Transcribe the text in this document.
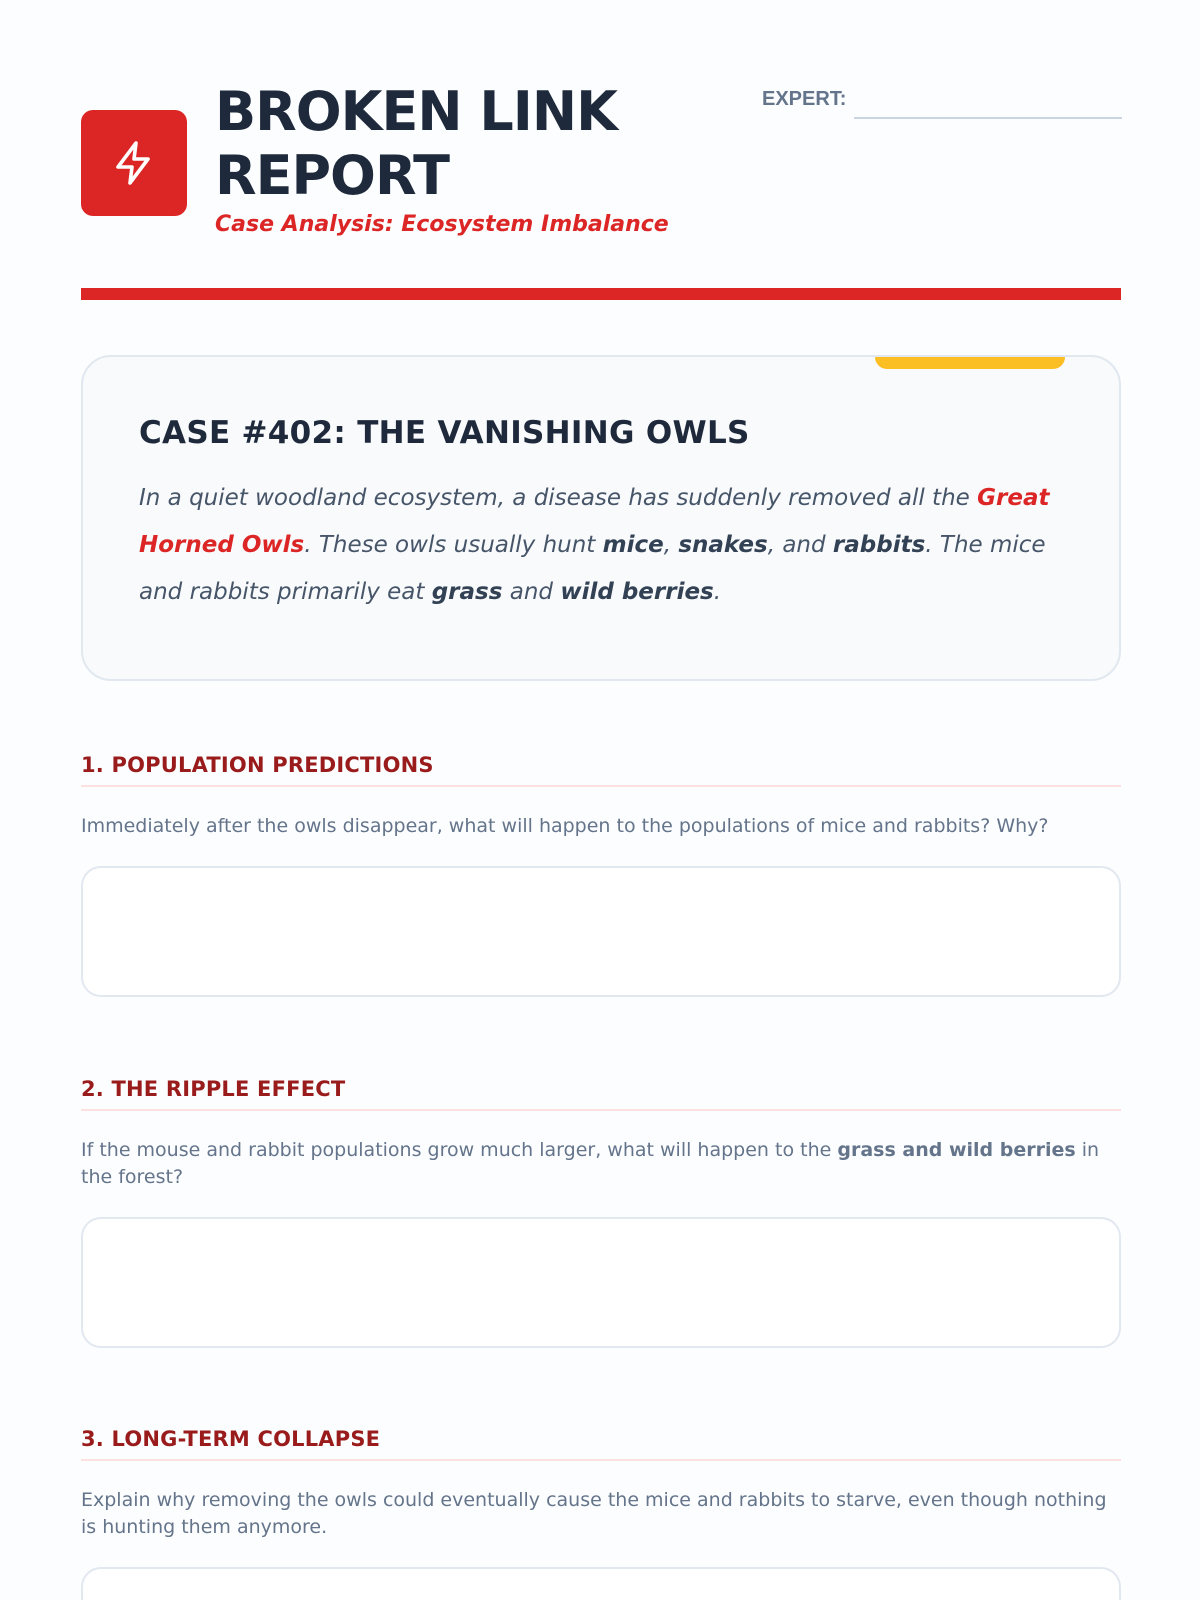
BROKEN LINK
REPORT
Case Analysis: Ecosystem Imbalance
EXPERT:
CASE #402: THE VANISHING OWLS

In a quiet woodland ecosystem, a disease has suddenly removed all the Great Horned Owls. These owls usually hunt mice, snakes, and rabbits. The mice and rabbits primarily eat grass and wild berries.

1. POPULATION PREDICTIONS
Immediately after the owls disappear, what will happen to the populations of mice and rabbits? Why?
2. THE RIPPLE EFFECT
If the mouse and rabbit populations grow much larger, what will happen to the grass and wild berries in the forest?
3. LONG-TERM COLLAPSE
Explain why removing the owls could eventually cause the mice and rabbits to starve, even though nothing is hunting them anymore.
